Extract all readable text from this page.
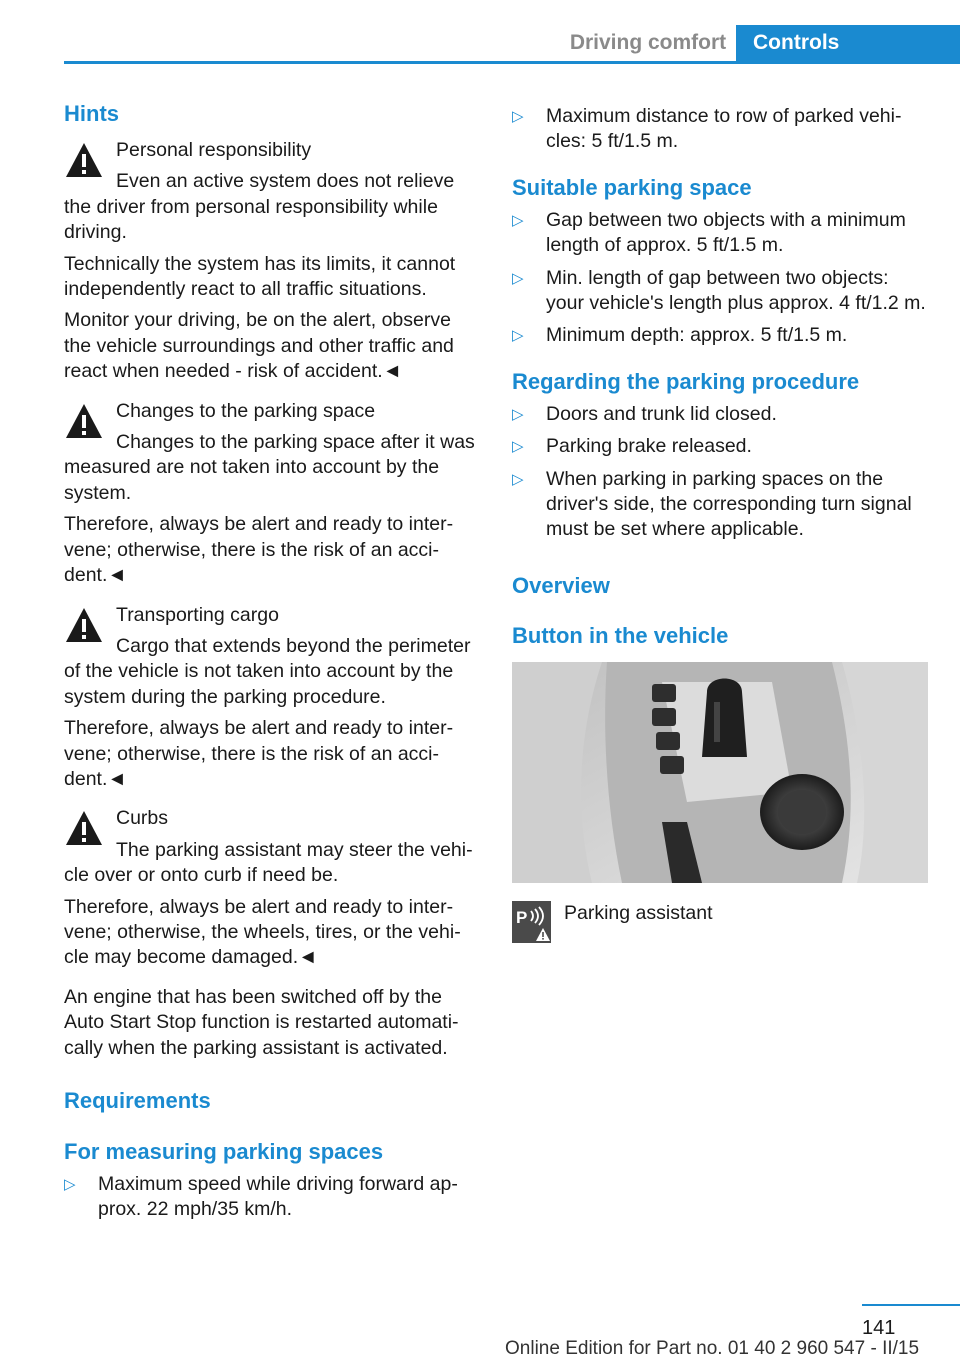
Driving comfort	Controls
Hints

Personal responsibility

Even an active system does not relieve

the driver from personal responsibility while driving.

Technically the system has its limits, it cannot independently react to all traffic situations.

Monitor your driving, be on the alert, observe the vehicle surroundings and other traffic and react when needed - risk of accident.◄

Changes to the parking space

Changes to the parking space after it was

measured are not taken into account by the system.

Therefore, always be alert and ready to inter‐ vene; otherwise, there is the risk of an acci‐ dent.◄

Transporting cargo

Cargo that extends beyond the perimeter

of the vehicle is not taken into account by the system during the parking procedure.

Therefore, always be alert and ready to inter‐ vene; otherwise, there is the risk of an acci‐ dent.◄

Curbs

The parking assistant may steer the vehi‐

cle over or onto curb if need be.

Therefore, always be alert and ready to inter‐ vene; otherwise, the wheels, tires, or the vehi‐ cle may become damaged.◄

An engine that has been switched off by the Auto Start Stop function is restarted automati‐ cally when the parking assistant is activated.

Requirements
For measuring parking spaces
▷ Maximum speed while driving forward ap‐ prox. 22 mph/35 km/h.
▷ Maximum distance to row of parked vehi‐ cles: 5 ft/1.5 m.
Suitable parking space
▷ Gap between two objects with a minimum length of approx. 5 ft/1.5 m.
▷ Min. length of gap between two objects: your vehicle's length plus approx. 4 ft/1.2 m.
▷ Minimum depth: approx. 5 ft/1.5 m.
Regarding the parking procedure
▷ Doors and trunk lid closed.
▷ Parking brake released.
▷ When parking in parking spaces on the driver's side, the corresponding turn signal must be set where applicable.
Overview
Button in the vehicle
P Parking assistant
141
Online Edition for Part no. 01 40 2 960 547 - II/15
